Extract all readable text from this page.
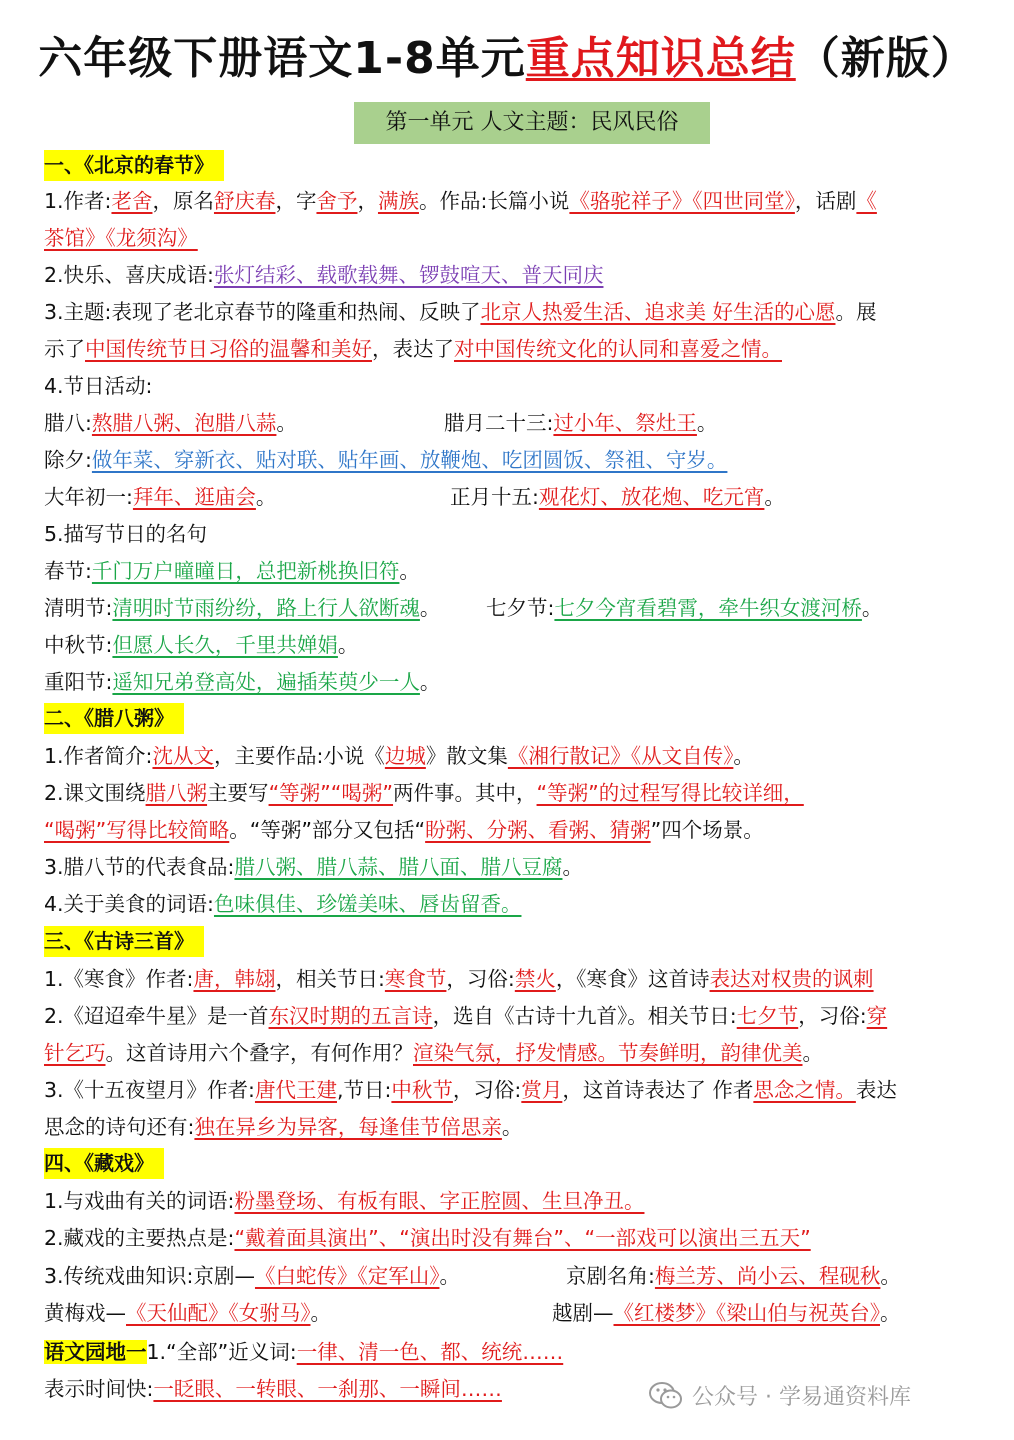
六年级下册语文1-8单元重点知识总结（新版）
第一单元 人文主题：民风民俗
一、《北京的春节》
1.作者:老舍，原名舒庆春，字舍予，满族。作品:长篇小说《骆驼祥子》《四世同堂》，话剧《
茶馆》《龙须沟》
2.快乐、喜庆成语:张灯结彩、载歌载舞、锣鼓喧天、普天同庆
3.主题:表现了老北京春节的隆重和热闹、反映了北京人热爱生活、追求美 好生活的心愿。展
示了中国传统节日习俗的温馨和美好，表达了对中国传统文化的认同和喜爱之情。
4.节日活动:
腊八:熬腊八粥、泡腊八蒜。	腊月二十三:过小年、祭灶王。
除夕:做年菜、穿新衣、贴对联、贴年画、放鞭炮、吃团圆饭、祭祖、守岁。
大年初一:拜年、逛庙会。	正月十五:观花灯、放花炮、吃元宵。
5.描写节日的名句
春节:千门万户曈曈日，总把新桃换旧符。
清明节:清明时节雨纷纷，路上行人欲断魂。 七夕节:七夕今宵看碧霄，牵牛织女渡河桥。
中秋节:但愿人长久，千里共婵娟。
重阳节:遥知兄弟登高处，遍插茱萸少一人。
二、《腊八粥》
1.作者简介:沈从文，主要作品:小说《边城》散文集《湘行散记》《从文自传》。
2.课文围绕腊八粥主要写“等粥”“喝粥”两件事。其中，“等粥”的过程写得比较详细，
“喝粥”写得比较简略。“等粥”部分又包括“盼粥、分粥、看粥、猜粥”四个场景。
3.腊八节的代表食品:腊八粥、腊八蒜、腊八面、腊八豆腐。
4.关于美食的词语:色味俱佳、珍馐美味、唇齿留香。
三、《古诗三首》
1.《寒食》作者:唐，韩翃，相关节日:寒食节，习俗:禁火，《寒食》这首诗表达对权贵的讽刺
2.《迢迢牵牛星》是一首东汉时期的五言诗，选自《古诗十九首》。相关节日:七夕节，习俗:穿
针乞巧。这首诗用六个叠字，有何作用？渲染气氛，抒发情感。节奏鲜明，韵律优美。
3.《十五夜望月》作者:唐代王建,节日:中秋节，习俗:赏月，这首诗表达了 作者思念之情。表达
思念的诗句还有:独在异乡为异客，每逢佳节倍思亲。
四、《藏戏》
1.与戏曲有关的词语:粉墨登场、有板有眼、字正腔圆、生旦净丑。
2.藏戏的主要热点是:“戴着面具演出”、“演出时没有舞台”、“一部戏可以演出三五天”
3.传统戏曲知识:京剧—《白蛇传》《定军山》。	京剧名角:梅兰芳、尚小云、程砚秋。
黄梅戏—《天仙配》《女驸马》。	越剧—《红楼梦》《梁山伯与祝英台》。
语文园地一1.“全部”近义词:一律、清一色、都、统统……
表示时间快:一眨眼、一转眼、一刹那、一瞬间……	公众号 · 学易通资料库
